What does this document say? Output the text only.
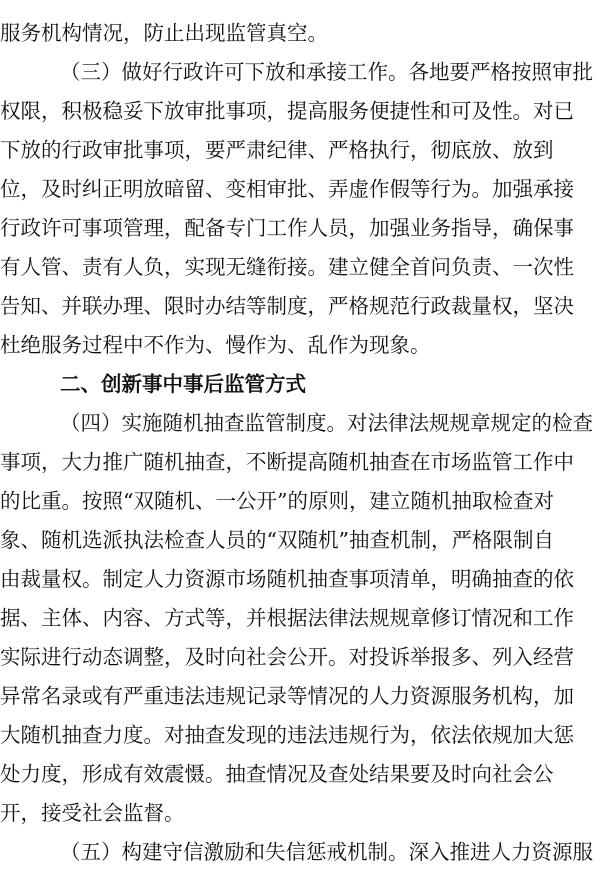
服务机构情况，防止出现监管真空。
（三）做好行政许可下放和承接工作。各地要严格按照审批
权限，积极稳妥下放审批事项，提高服务便捷性和可及性。对已
下放的行政审批事项，要严肃纪律、严格执行，彻底放、放到
位，及时纠正明放暗留、变相审批、弄虚作假等行为。加强承接
行政许可事项管理，配备专门工作人员，加强业务指导，确保事
有人管、责有人负，实现无缝衔接。建立健全首问负责、一次性
告知、并联办理、限时办结等制度，严格规范行政裁量权，坚决
杜绝服务过程中不作为、慢作为、乱作为现象。
二、创新事中事后监管方式
（四）实施随机抽查监管制度。对法律法规规章规定的检查
事项，大力推广随机抽查，不断提高随机抽查在市场监管工作中
的比重。按照“双随机、一公开”的原则，建立随机抽取检查对
象、随机选派执法检查人员的“双随机”抽查机制，严格限制自
由裁量权。制定人力资源市场随机抽查事项清单，明确抽查的依
据、主体、内容、方式等，并根据法律法规规章修订情况和工作
实际进行动态调整，及时向社会公开。对投诉举报多、列入经营
异常名录或有严重违法违规记录等情况的人力资源服务机构，加
大随机抽查力度。对抽查发现的违法违规行为，依法依规加大惩
处力度，形成有效震慑。抽查情况及查处结果要及时向社会公
开，接受社会监督。
（五）构建守信激励和失信惩戒机制。深入推进人力资源服
